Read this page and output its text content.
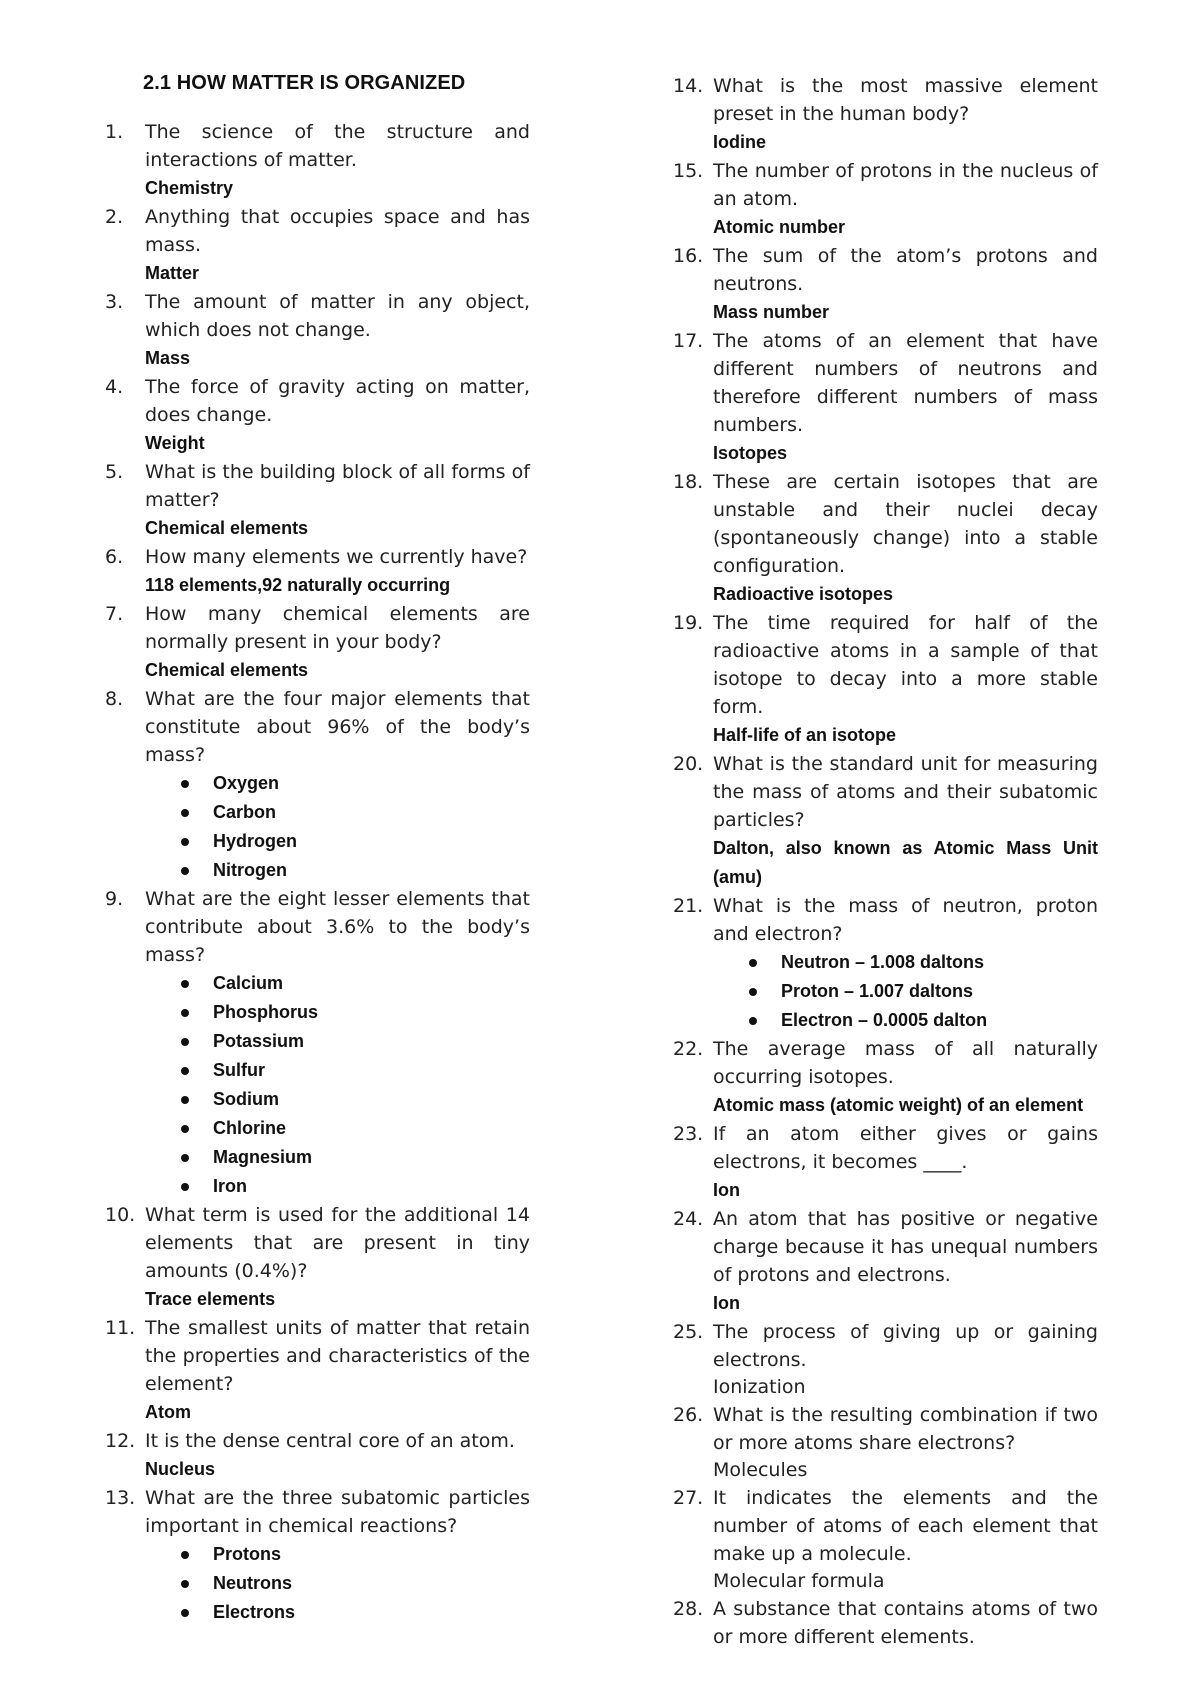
2.1 HOW MATTER IS ORGANIZED
1.	The science of the structure and interactions of matter.
Chemistry
2.	Anything that occupies space and has mass.
Matter
3.	The amount of matter in any object, which does not change.
Mass
4.	The force of gravity acting on matter, does change.
Weight
5.	What is the building block of all forms of matter?
Chemical elements
6.	How many elements we currently have?
118 elements,92 naturally occurring
7.	How many chemical elements are normally present in your body?
Chemical elements
8.	What are the four major elements that constitute about 96% of the body’s mass?
Oxygen
Carbon
Hydrogen
Nitrogen
9.	What are the eight lesser elements that contribute about 3.6% to the body’s mass?
Calcium
Phosphorus
Potassium
Sulfur
Sodium
Chlorine
Magnesium
Iron
10. What term is used for the additional 14 elements that are present in tiny amounts (0.4%)?
Trace elements
11. The smallest units of matter that retain the properties and characteristics of the element?
Atom
12. It is the dense central core of an atom.
Nucleus
13. What are the three subatomic particles important in chemical reactions?
Protons
Neutrons
Electrons
14. What is the most massive element preset in the human body?
Iodine
15. The number of protons in the nucleus of an atom.
Atomic number
16. The sum of the atom’s protons and neutrons.
Mass number
17. The atoms of an element that have different numbers of neutrons and therefore different numbers of mass numbers.
Isotopes
18. These are certain isotopes that are unstable and their nuclei decay (spontaneously change) into a stable configuration.
Radioactive isotopes
19. The time required for half of the radioactive atoms in a sample of that isotope to decay into a more stable form.
Half-life of an isotope
20. What is the standard unit for measuring the mass of atoms and their subatomic particles?
Dalton, also known as Atomic Mass Unit (amu)
21. What is the mass of neutron, proton and electron?
Neutron – 1.008 daltons
Proton – 1.007 daltons
Electron – 0.0005 dalton
22. The average mass of all naturally occurring isotopes.
Atomic mass (atomic weight) of an element
23. If an atom either gives or gains electrons, it becomes ____.
Ion
24. An atom that has positive or negative charge because it has unequal numbers of protons and electrons.
Ion
25. The process of giving up or gaining electrons.
Ionization
26. What is the resulting combination if two or more atoms share electrons?
Molecules
27. It indicates the elements and the number of atoms of each element that make up a molecule.
Molecular formula
28. A substance that contains atoms of two or more different elements.
